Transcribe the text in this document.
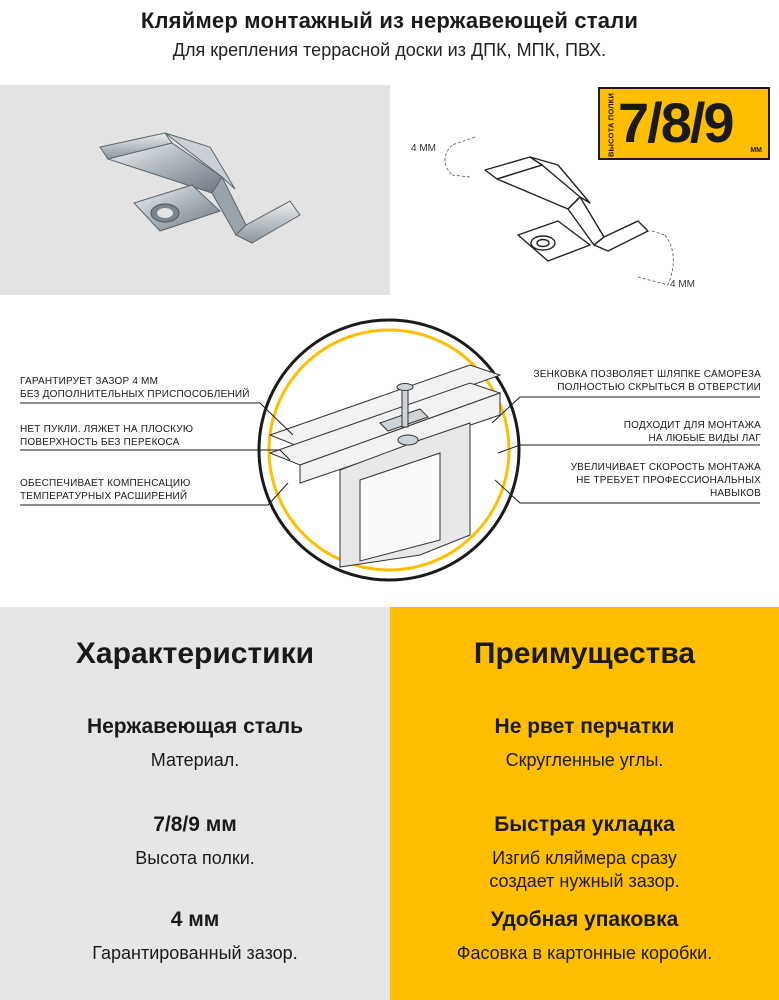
Кляймер монтажный из нержавеющей стали
Для крепления террасной доски из ДПК, МПК, ПВХ.
4 ММ
4 ММ
ВЫСОТА ПОЛКИ 7/8/9	ММ
ГАРАНТИРУЕТ ЗАЗОР 4 ММ
БЕЗ ДОПОЛНИТЕЛЬНЫХ ПРИСПОСОБЛЕНИЙ
НЕТ ПУКЛИ. ЛЯЖЕТ НА ПЛОСКУЮ
ПОВЕРХНОСТЬ БЕЗ ПЕРЕКОСА
ОБЕСПЕЧИВАЕТ КОМПЕНСАЦИЮ
ТЕМПЕРАТУРНЫХ РАСШИРЕНИЙ
ЗЕНКОВКА ПОЗВОЛЯЕТ ШЛЯПКЕ САМОРЕЗА
ПОЛНОСТЬЮ СКРЫТЬСЯ В ОТВЕРСТИИ
ПОДХОДИТ ДЛЯ МОНТАЖА
НА ЛЮБЫЕ ВИДЫ ЛАГ
УВЕЛИЧИВАЕТ СКОРОСТЬ МОНТАЖА
НЕ ТРЕБУЕТ ПРОФЕССИОНАЛЬНЫХ
НАВЫКОВ
Характеристики
Нержавеющая сталь
Материал.
7/8/9 мм
Высота полки.
4 мм
Гарантированный зазор.
Преимущества
Не рвет перчатки
Скругленные углы.
Быстрая укладка
Изгиб кляймера сразу
создает нужный зазор.
Удобная упаковка
Фасовка в картонные коробки.
